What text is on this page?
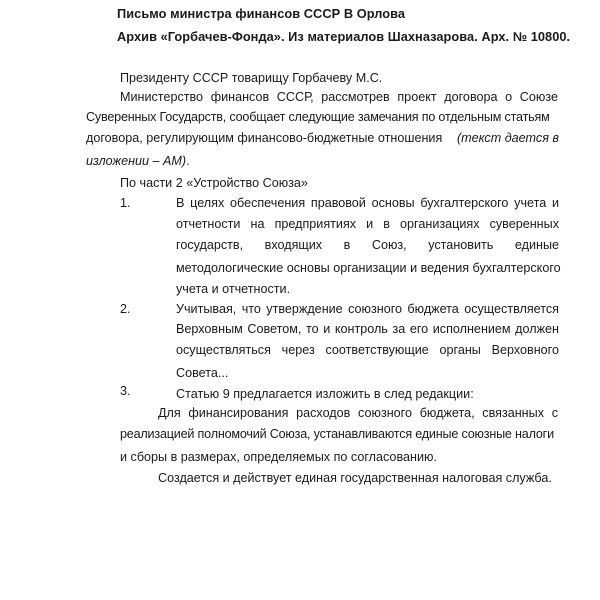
Письмо министра финансов СССР В Орлова
Архив «Горбачев-Фонда». Из материалов Шахназарова. Арх. № 10800.
Президенту СССР товарищу Горбачеву М.С.
Министерство финансов СССР, рассмотрев проект договора о Союзе
Суверенных Государств, сообщает следующие замечания по отдельным статьям
договора, регулирующим финансово-бюджетные отношения (текст дается в
изложении – АМ).
По части 2 «Устройство Союза»
1.	В целях обеспечения правовой основы бухгалтерского учета и
отчетности на предприятиях и в организациях суверенных
государств, входящих в Союз, установить единые
методологические основы организации и ведения бухгалтерского
учета и отчетности.
2.	Учитывая, что утверждение союзного бюджета осуществляется
Верховным Советом, то и контроль за его исполнением должен
осуществляться через соответствующие органы Верховного
Совета...
3.	Статью 9 предлагается изложить в след редакции:
Для финансирования расходов союзного бюджета, связанных с
реализацией полномочий Союза, устанавливаются единые союзные налоги
и сборы в размерах, определяемых по согласованию.
Создается и действует единая государственная налоговая служба.
